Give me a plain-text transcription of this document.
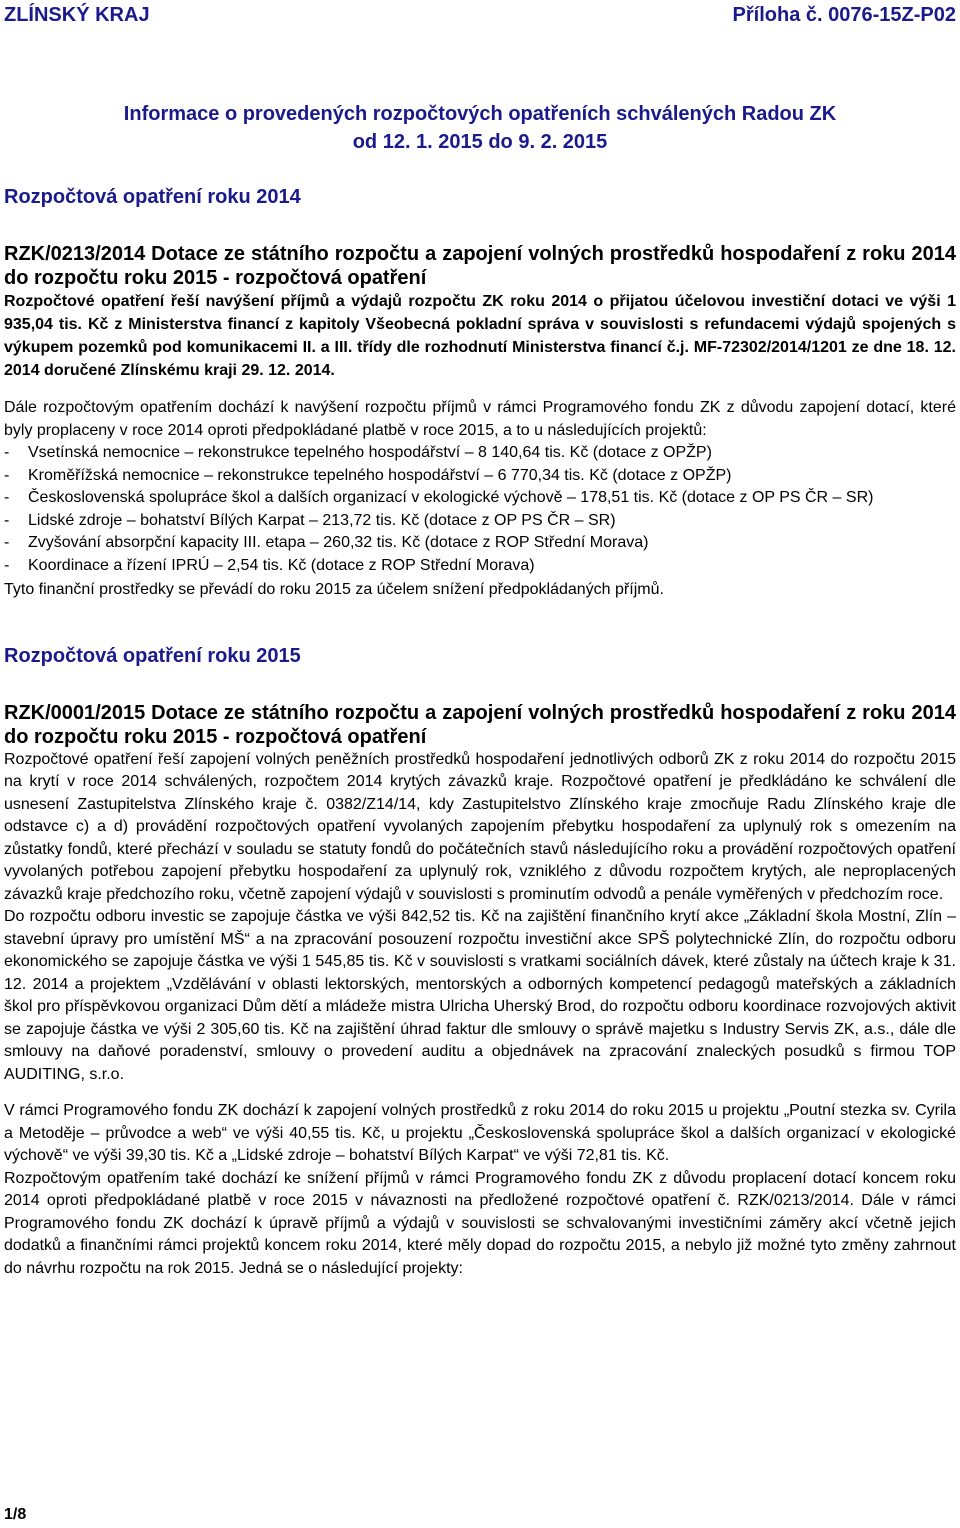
ZLÍNSKÝ KRAJ	Příloha č. 0076-15Z-P02
Informace o provedených rozpočtových opatřeních schválených Radou ZK
od 12. 1. 2015 do 9. 2. 2015
Rozpočtová opatření roku 2014
RZK/0213/2014 Dotace ze státního rozpočtu a zapojení volných prostředků hospodaření z roku 2014 do rozpočtu roku 2015 - rozpočtová opatření

Rozpočtové opatření řeší navýšení příjmů a výdajů rozpočtu ZK roku 2014 o přijatou účelovou investiční dotaci ve výši 1 935,04 tis. Kč z Ministerstva financí z kapitoly Všeobecná pokladní správa v souvislosti s refundacemi výdajů spojených s výkupem pozemků pod komunikacemi II. a III. třídy dle rozhodnutí Ministerstva financí č.j. MF-72302/2014/1201 ze dne 18. 12. 2014 doručené Zlínskému kraji 29. 12. 2014.

Dále rozpočtovým opatřením dochází k navýšení rozpočtu příjmů v rámci Programového fondu ZK z důvodu zapojení dotací, které byly proplaceny v roce 2014 oproti předpokládané platbě v roce 2015, a to u následujících projektů:

- Vsetínská nemocnice – rekonstrukce tepelného hospodářství – 8 140,64 tis. Kč (dotace z OPŽP)
- Kroměřížská nemocnice – rekonstrukce tepelného hospodářství – 6 770,34 tis. Kč (dotace z OPŽP)
- Československá spolupráce škol a dalších organizací v ekologické výchově – 178,51 tis. Kč (dotace z OP PS ČR – SR)
- Lidské zdroje – bohatství Bílých Karpat – 213,72 tis. Kč (dotace z OP PS ČR – SR)
- Zvyšování absorpční kapacity III. etapa – 260,32 tis. Kč (dotace z ROP Střední Morava)
- Koordinace a řízení IPRÚ – 2,54 tis. Kč (dotace z ROP Střední Morava)

Tyto finanční prostředky se převádí do roku 2015 za účelem snížení předpokládaných příjmů.

Rozpočtová opatření roku 2015
RZK/0001/2015 Dotace ze státního rozpočtu a zapojení volných prostředků hospodaření z roku 2014 do rozpočtu roku 2015 - rozpočtová opatření

Rozpočtové opatření řeší zapojení volných peněžních prostředků hospodaření jednotlivých odborů ZK z roku 2014 do rozpočtu 2015 na krytí v roce 2014 schválených, rozpočtem 2014 krytých závazků kraje. Rozpočtové opatření je předkládáno ke schválení dle usnesení Zastupitelstva Zlínského kraje č. 0382/Z14/14, kdy Zastupitelstvo Zlínského kraje zmocňuje Radu Zlínského kraje dle odstavce c) a d) provádění rozpočtových opatření vyvolaných zapojením přebytku hospodaření za uplynulý rok s omezením na zůstatky fondů, které přechází v souladu se statuty fondů do počátečních stavů následujícího roku a provádění rozpočtových opatření vyvolaných potřebou zapojení přebytku hospodaření za uplynulý rok, vzniklého z důvodu rozpočtem krytých, ale neproplacených závazků kraje předchozího roku, včetně zapojení výdajů v souvislosti s prominutím odvodů a penále vyměřených v předchozím roce.

Do rozpočtu odboru investic se zapojuje částka ve výši 842,52 tis. Kč na zajištění finančního krytí akce „Základní škola Mostní, Zlín – stavební úpravy pro umístění MŠ“ a na zpracování posouzení rozpočtu investiční akce SPŠ polytechnické Zlín, do rozpočtu odboru ekonomického se zapojuje částka ve výši 1 545,85 tis. Kč v souvislosti s vratkami sociálních dávek, které zůstaly na účtech kraje k 31. 12. 2014 a projektem „Vzdělávání v oblasti lektorských, mentorských a odborných kompetencí pedagogů mateřských a základních škol pro příspěvkovou organizaci Dům dětí a mládeže mistra Ulricha Uherský Brod, do rozpočtu odboru koordinace rozvojových aktivit se zapojuje částka ve výši 2 305,60 tis. Kč na zajištění úhrad faktur dle smlouvy o správě majetku s Industry Servis ZK, a.s., dále dle smlouvy na daňové poradenství, smlouvy o provedení auditu a objednávek na zpracování znaleckých posudků s firmou TOP AUDITING, s.r.o.

V rámci Programového fondu ZK dochází k zapojení volných prostředků z roku 2014 do roku 2015 u projektu „Poutní stezka sv. Cyrila a Metoděje – průvodce a web“ ve výši 40,55 tis. Kč, u projektu „Československá spolupráce škol a dalších organizací v ekologické výchově“ ve výši 39,30 tis. Kč a „Lidské zdroje – bohatství Bílých Karpat“ ve výši 72,81 tis. Kč.

Rozpočtovým opatřením také dochází ke snížení příjmů v rámci Programového fondu ZK z důvodu proplacení dotací koncem roku 2014 oproti předpokládané platbě v roce 2015 v návaznosti na předložené rozpočtové opatření č. RZK/0213/2014. Dále v rámci Programového fondu ZK dochází k úpravě příjmů a výdajů v souvislosti se schvalovanými investičními záměry akcí včetně jejich dodatků a finančními rámci projektů koncem roku 2014, které měly dopad do rozpočtu 2015, a nebylo již možné tyto změny zahrnout do návrhu rozpočtu na rok 2015. Jedná se o následující projekty:

1/8
